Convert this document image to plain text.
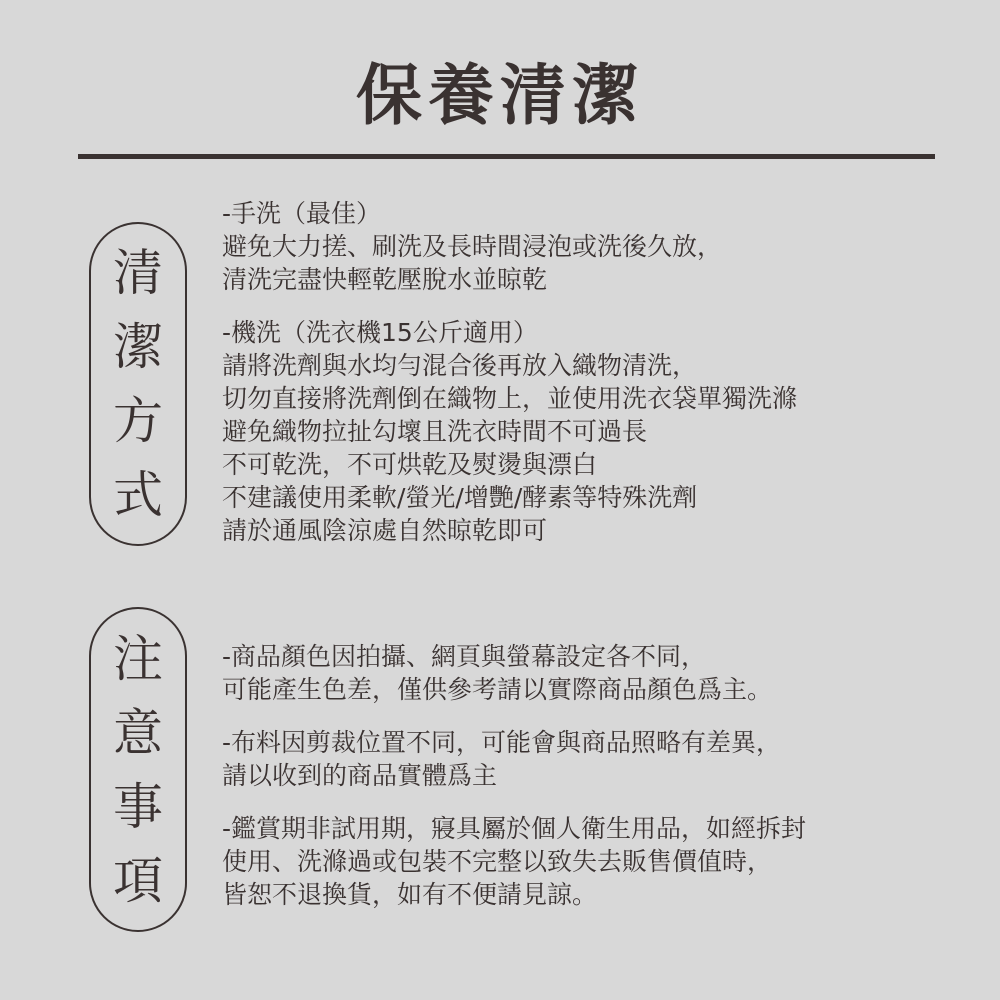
保養清潔
清
潔
方
式

-手洗（最佳）
避免大力搓、刷洗及長時間浸泡或洗後久放，
清洗完盡快輕乾壓脫水並晾乾

-機洗（洗衣機15公斤適用）
請將洗劑與水均勻混合後再放入織物清洗，
切勿直接將洗劑倒在織物上，並使用洗衣袋單獨洗滌
避免織物拉扯勾壞且洗衣時間不可過長
不可乾洗，不可烘乾及熨燙與漂白
不建議使用柔軟/螢光/增艷/酵素等特殊洗劑
請於通風陰涼處自然晾乾即可

注
意
事
項

-商品顏色因拍攝、網頁與螢幕設定各不同，
可能產生色差，僅供參考請以實際商品顏色爲主。

-布料因剪裁位置不同，可能會與商品照略有差異，
請以收到的商品實體爲主

-鑑賞期非試用期，寢具屬於個人衛生用品，如經拆封
使用、洗滌過或包裝不完整以致失去販售價值時，
皆恕不退換貨，如有不便請見諒。
